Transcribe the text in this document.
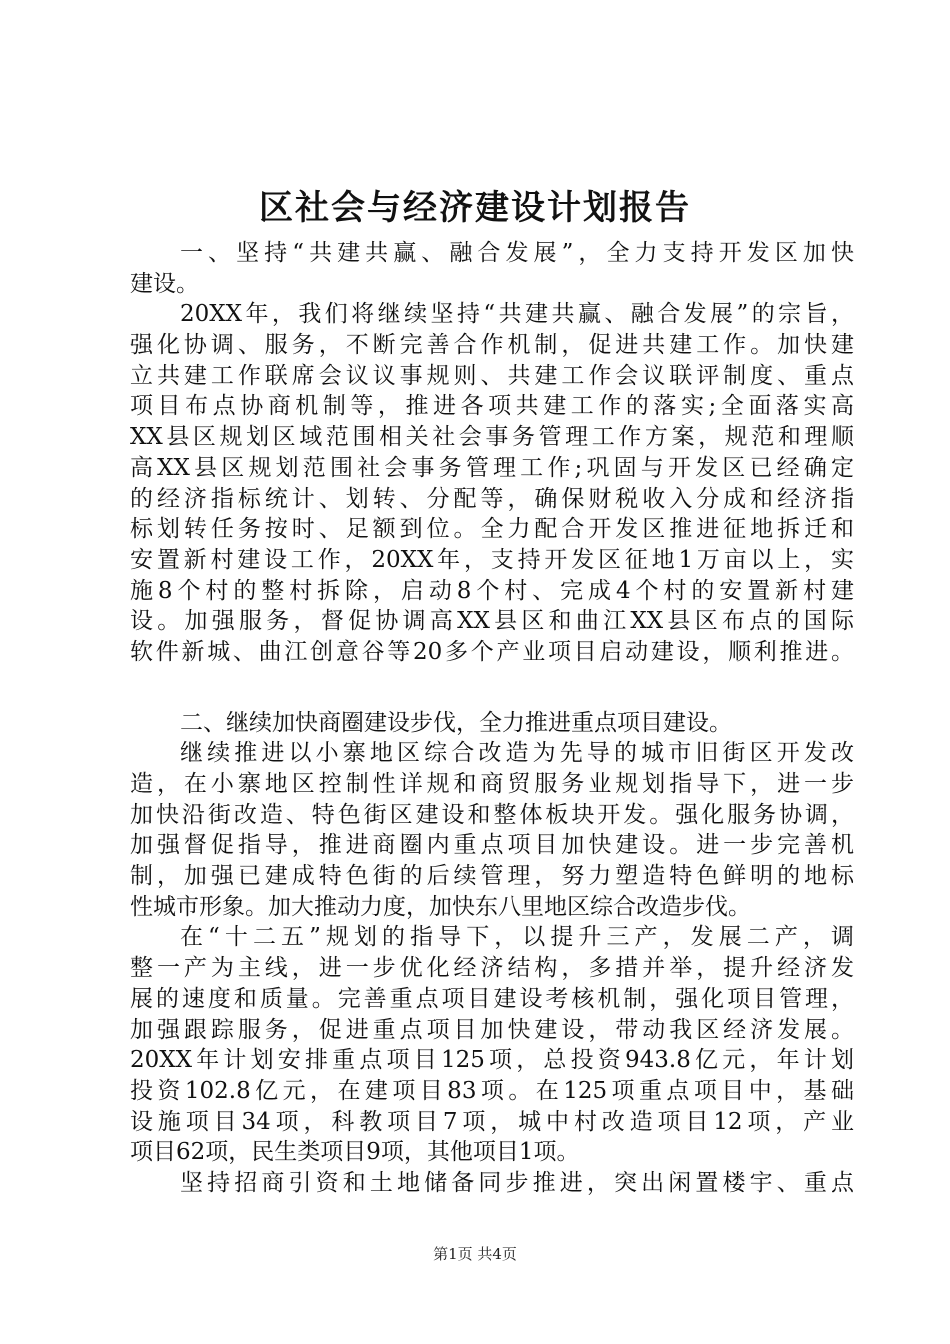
区社会与经济建设计划报告
一、坚持“共建共赢、融合发展”，全力支持开发区加快
建设。
20XX年，我们将继续坚持“共建共赢、融合发展”的宗旨，
强化协调、服务，不断完善合作机制，促进共建工作。加快建
立共建工作联席会议议事规则、共建工作会议联评制度、重点
项目布点协商机制等，推进各项共建工作的落实;全面落实高
XX县区规划区域范围相关社会事务管理工作方案，规范和理顺
高XX县区规划范围社会事务管理工作;巩固与开发区已经确定
的经济指标统计、划转、分配等，确保财税收入分成和经济指
标划转任务按时、足额到位。全力配合开发区推进征地拆迁和
安置新村建设工作，20XX年，支持开发区征地1万亩以上，实
施8个村的整村拆除，启动8个村、完成4个村的安置新村建
设。加强服务，督促协调高XX县区和曲江XX县区布点的国际
软件新城、曲江创意谷等20多个产业项目启动建设，顺利推进。
二、继续加快商圈建设步伐，全力推进重点项目建设。
继续推进以小寨地区综合改造为先导的城市旧街区开发改
造，在小寨地区控制性详规和商贸服务业规划指导下，进一步
加快沿街改造、特色街区建设和整体板块开发。强化服务协调，
加强督促指导，推进商圈内重点项目加快建设。进一步完善机
制，加强已建成特色街的后续管理，努力塑造特色鲜明的地标
性城市形象。加大推动力度，加快东八里地区综合改造步伐。
在“十二五”规划的指导下，以提升三产，发展二产，调
整一产为主线，进一步优化经济结构，多措并举，提升经济发
展的速度和质量。完善重点项目建设考核机制，强化项目管理，
加强跟踪服务，促进重点项目加快建设，带动我区经济发展。
20XX年计划安排重点项目125项，总投资943.8亿元，年计划
投资102.8亿元，在建项目83项。在125项重点项目中，基础
设施项目34项，科教项目7项，城中村改造项目12项，产业
项目62项，民生类项目9项，其他项目1项。
坚持招商引资和土地储备同步推进，突出闲置楼宇、重点
第1页 共4页
